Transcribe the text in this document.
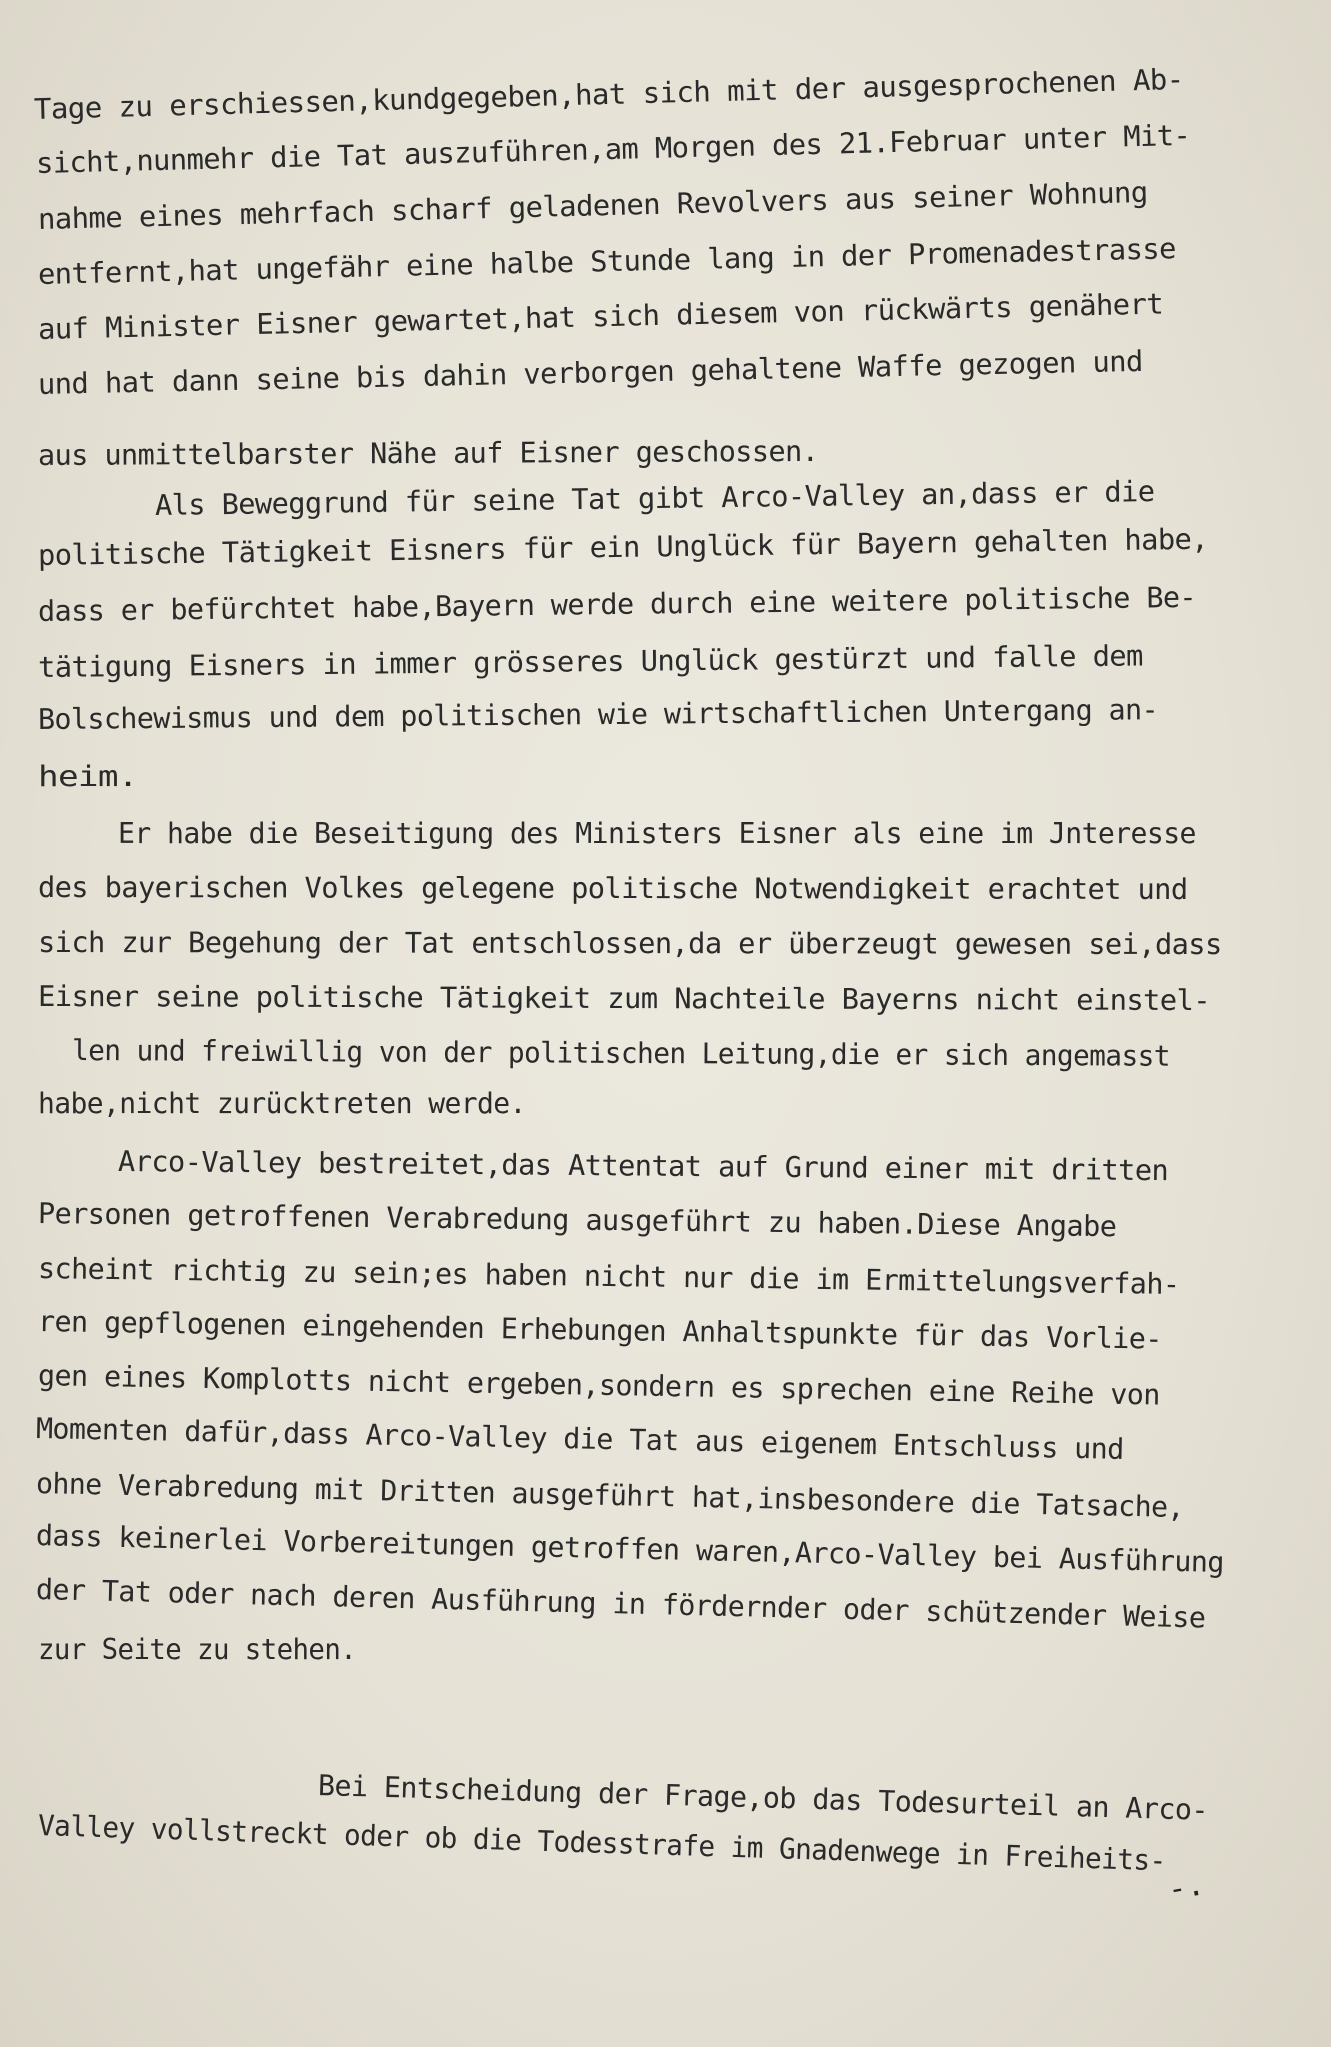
Tage zu erschiessen,kundgegeben,hat sich mit der ausgesprochenen Ab-

sicht,nunmehr die Tat auszuführen,am Morgen des 21.Februar unter Mit-

nahme eines mehrfach scharf geladenen Revolvers aus seiner Wohnung

entfernt,hat ungefähr eine halbe Stunde lang in der Promenadestrasse

auf Minister Eisner gewartet,hat sich diesem von rückwärts genähert

und hat dann seine bis dahin verborgen gehaltene Waffe gezogen und

aus unmittelbarster Nähe auf Eisner geschossen.

Als Beweggrund für seine Tat gibt Arco-Valley an,dass er die

politische Tätigkeit Eisners für ein Unglück für Bayern gehalten habe,

dass er befürchtet habe,Bayern werde durch eine weitere politische Be-

tätigung Eisners in immer grösseres Unglück gestürzt und falle dem

Bolschewismus und dem politischen wie wirtschaftlichen Untergang an-

heim.

Er habe die Beseitigung des Ministers Eisner als eine im Jnteresse

des bayerischen Volkes gelegene politische Notwendigkeit erachtet und

sich zur Begehung der Tat entschlossen,da er überzeugt gewesen sei,dass

Eisner seine politische Tätigkeit zum Nachteile Bayerns nicht einstel-

len und freiwillig von der politischen Leitung,die er sich angemasst

habe,nicht zurücktreten werde.

Arco-Valley bestreitet,das Attentat auf Grund einer mit dritten

Personen getroffenen Verabredung ausgeführt zu haben.Diese Angabe

scheint richtig zu sein;es haben nicht nur die im Ermittelungsverfah-

ren gepflogenen eingehenden Erhebungen Anhaltspunkte für das Vorlie-

gen eines Komplotts nicht ergeben,sondern es sprechen eine Reihe von

Momenten dafür,dass Arco-Valley die Tat aus eigenem Entschluss und

ohne Verabredung mit Dritten ausgeführt hat,insbesondere die Tatsache,

dass keinerlei Vorbereitungen getroffen waren,Arco-Valley bei Ausführung

der Tat oder nach deren Ausführung in fördernder oder schützender Weise

zur Seite zu stehen.

Bei Entscheidung der Frage,ob das Todesurteil an Arco-

Valley vollstreckt oder ob die Todesstrafe im Gnadenwege in Freiheits-

-.
